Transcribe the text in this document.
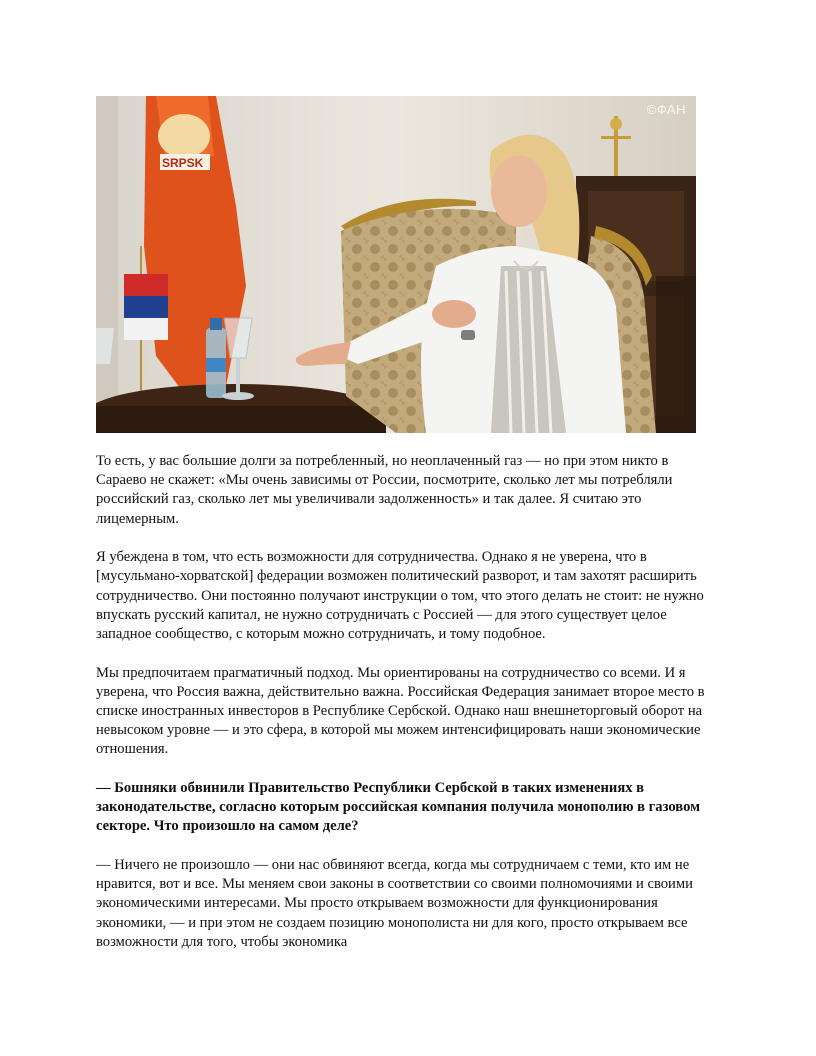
SRPSK
©ФАН

То есть, у вас большие долги за потребленный, но неоплаченный газ — но при этом никто в Сараево не скажет: «Мы очень зависимы от России, посмотрите, сколько лет мы потребляли российский газ, сколько лет мы увеличивали задолженность» и так далее. Я считаю это лицемерным.

Я убеждена в том, что есть возможности для сотрудничества. Однако я не уверена, что в [мусульмано-хорватской] федерации возможен политический разворот, и там захотят расширить сотрудничество. Они постоянно получают инструкции о том, что этого делать не стоит: не нужно впускать русский капитал, не нужно сотрудничать с Россией — для этого существует целое западное сообщество, с которым можно сотрудничать, и тому подобное.

Мы предпочитаем прагматичный подход. Мы ориентированы на сотрудничество со всеми. И я уверена, что Россия важна, действительно важна. Российская Федерация занимает второе место в списке иностранных инвесторов в Республике Сербской. Однако наш внешнеторговый оборот на невысоком уровне — и это сфера, в которой мы можем интенсифицировать наши экономические отношения.

— Бошняки обвинили Правительство Республики Сербской в таких изменениях в законодательстве, согласно которым российская компания получила монополию в газовом секторе. Что произошло на самом деле?

— Ничего не произошло — они нас обвиняют всегда, когда мы сотрудничаем с теми, кто им не нравится, вот и все. Мы меняем свои законы в соответствии со своими полномочиями и своими экономическими интересами. Мы просто открываем возможности для функционирования экономики, — и при этом не создаем позицию монополиста ни для кого, просто открываем все возможности для того, чтобы экономика
